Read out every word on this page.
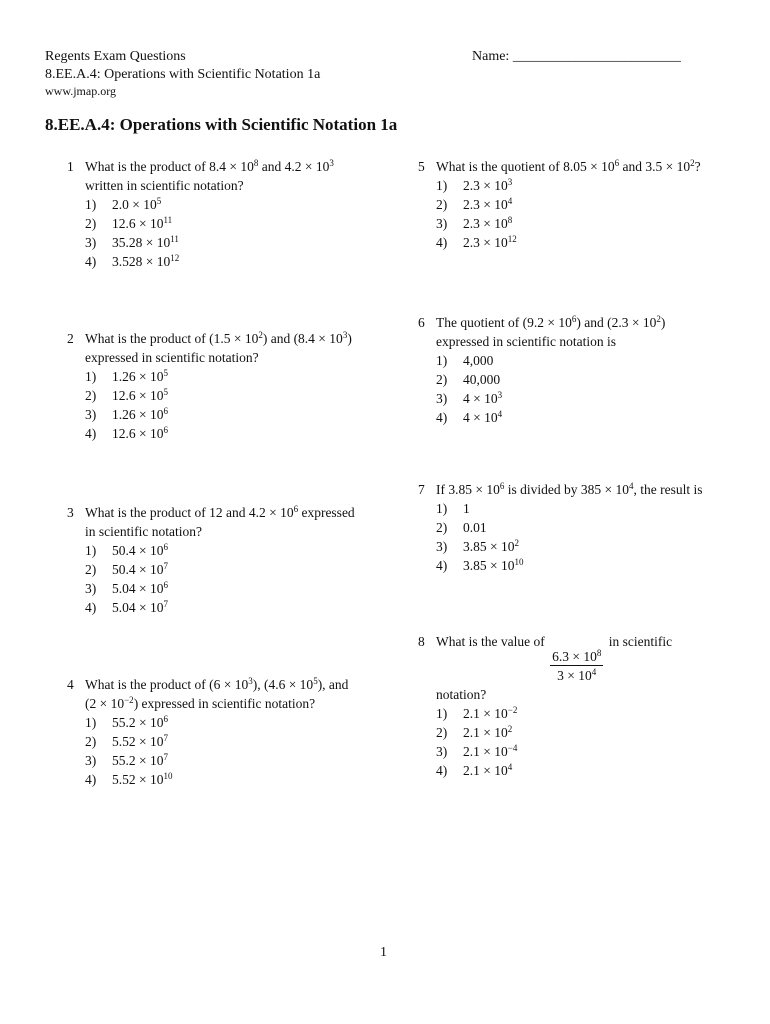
Regents Exam Questions
8.EE.A.4: Operations with Scientific Notation 1a
www.jmap.org
Name: ________________________
8.EE.A.4: Operations with Scientific Notation 1a
1 What is the product of $8.4 \times 10^8$ and $4.2 \times 10^3$
written in scientific notation?
1)	$2.0 \times 10^5$
2)	$12.6 \times 10^{11}$
3)	$35.28 \times 10^{11}$
4)	$3.528 \times 10^{12}$
2 What is the product of $(1.5 \times 10^2)$ and $(8.4 \times 10^3)$
expressed in scientific notation?
1)	$1.26 \times 10^5$
2)	$12.6 \times 10^5$
3)	$1.26 \times 10^6$
4)	$12.6 \times 10^6$
3 What is the product of 12 and $4.2 \times 10^6$ expressed
in scientific notation?
1)	$50.4 \times 10^6$
2)	$50.4 \times 10^7$
3)	$5.04 \times 10^6$
4)	$5.04 \times 10^7$
4 What is the product of $(6 \times 10^3)$, $(4.6 \times 10^5)$, and
$(2 \times 10^{-2})$ expressed in scientific notation?
1)	$55.2 \times 10^6$
2)	$5.52 \times 10^7$
3)	$55.2 \times 10^7$
4)	$5.52 \times 10^{10}$
5 What is the quotient of $8.05 \times 10^6$ and $3.5 \times 10^2$?
1)	$2.3 \times 10^3$
2)	$2.3 \times 10^4$
3)	$2.3 \times 10^8$
4)	$2.3 \times 10^{12}$
6 The quotient of $(9.2 \times 10^6)$ and $(2.3 \times 10^2)$
expressed in scientific notation is
1)	4,000
2)	40,000
3)	$4 \times 10^3$
4)	$4 \times 10^4$
7 If $3.85 \times 10^6$ is divided by $385 \times 10^4$, the result is
1)	1
2)	0.01
3)	$3.85 \times 10^2$
4)	$3.85 \times 10^{10}$
8 What is the value of
$\frac{6.3 \times 10^8}{3 \times 10^4}$
in scientific
notation?
1)	$2.1 \times 10^{-2}$
2)	$2.1 \times 10^2$
3)	$2.1 \times 10^{-4}$
4)	$2.1 \times 10^4$
1
